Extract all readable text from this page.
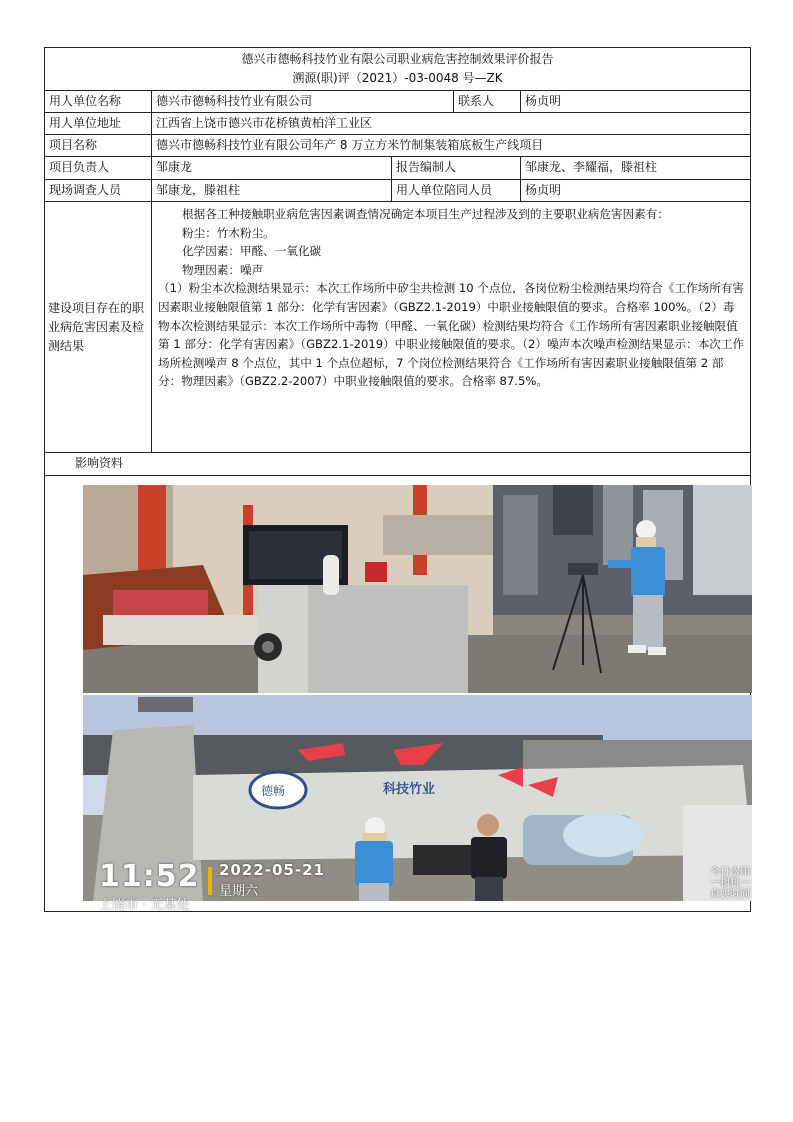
德兴市德畅科技竹业有限公司职业病危害控制效果评价报告
溯源(职)评（2021）-03-0048 号—ZK
用人单位名称	德兴市德畅科技竹业有限公司	联系人	杨贞明
用人单位地址	江西省上饶市德兴市花桥镇黄柏洋工业区
项目名称	德兴市德畅科技竹业有限公司年产 8 万立方米竹制集装箱底板生产线项目
项目负责人	邹康龙	报告编制人	邹康龙、李耀福，滕祖柱
现场调查人员	邹康龙，滕祖柱	用人单位陪同人员	杨贞明
建设项目存在的职业病危害因素及检测结果

根据各工种接触职业病危害因素调查情况确定本项目生产过程涉及到的主要职业病危害因素有：

粉尘：竹木粉尘。

化学因素：甲醛、一氧化碳

物理因素：噪声

（1）粉尘本次检测结果显示：本次工作场所中矽尘共检测 10 个点位，各岗位粉尘检测结果均符合《工作场所有害因素职业接触限值第 1 部分：化学有害因素》（GBZ2.1-2019）中职业接触限值的要求。合格率 100%。（2）毒物本次检测结果显示：本次工作场所中毒物（甲醛、一氧化碳）检测结果均符合《工作场所有害因素职业接触限值第 1 部分：化学有害因素》（GBZ2.1-2019）中职业接触限值的要求。（2）噪声本次噪声检测结果显示：本次工作场所检测噪声 8 个点位，其中 1 个点位超标，7 个岗位检测结果符合《工作场所有害因素职业接触限值第 2 部分：物理因素》（GBZ2.2-2007）中职业接触限值的要求。合格率 87.5%。

影响资料
德畅	科技竹业
11:52 2022-05-21
星期六
上饶市 · 无某处
今日水印
一相机一
真实时间
